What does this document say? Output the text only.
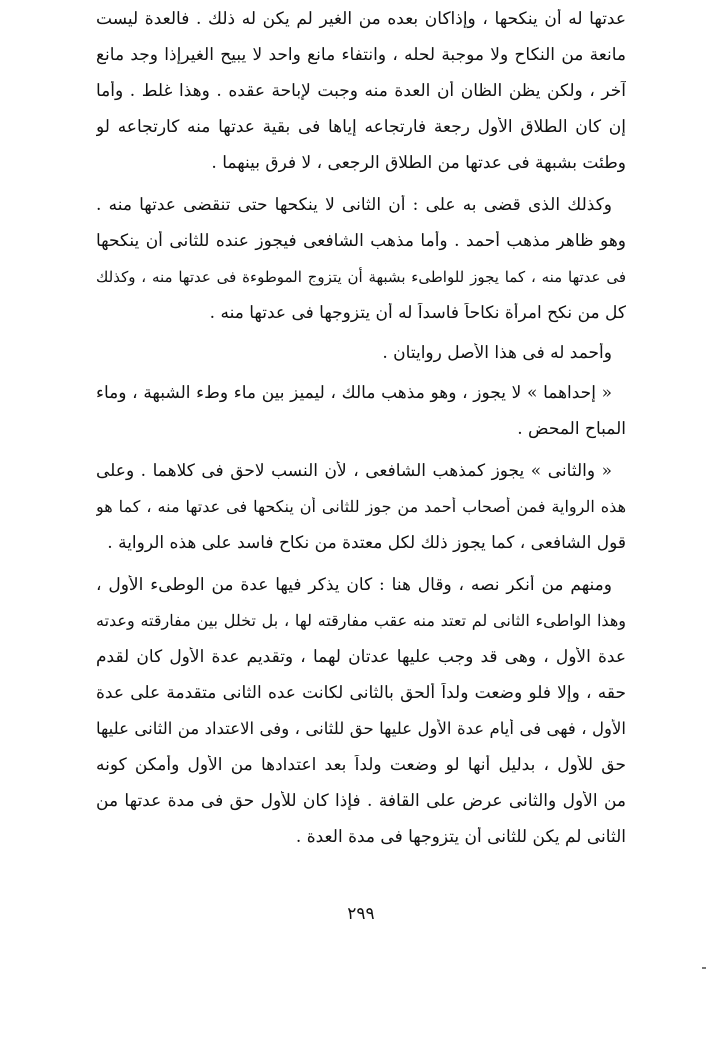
عدتها له أن ينكحها ، وإذاكان بعده من الغير لم يكن له ذلك . فالعدة ليست
مانعة من النكاح ولا موجبة لحله ، وانتفاء مانع واحد لا يبيح الغيرإذا وجد مانع
آخر ، ولكن يظن الظان أن العدة منه وجبت لإباحة عقده . وهذا غلط . وأما
إن كان الطلاق الأول رجعة فارتجاعه إياها فى بقية عدتها منه كارتجاعه لو
وطئت بشبهة فى عدتها من الطلاق الرجعى ، لا فرق بينهما .
وكذلك الذى قضى به على : أن الثانى لا ينكحها حتى تنقضى عدتها منه .
وهو ظاهر مذهب أحمد . وأما مذهب الشافعى فيجوز عنده للثانى أن ينكحها
فى عدتها منه ، كما يجوز للواطىء بشبهة أن يتزوج الموطوءة فى عدتها منه ، وكذلك
كل من نكح امرأة نكاحاً فاسداً له أن يتزوجها فى عدتها منه .
وأحمد له فى هذا الأصل روايتان .
« إحداهما » لا يجوز ، وهو مذهب مالك ، ليميز بين ماء وطء الشبهة ، وماء
المباح المحض .
« والثانى » يجوز كمذهب الشافعى ، لأن النسب لاحق فى كلاهما . وعلى
هذه الرواية فمن أصحاب أحمد من جوز للثانى أن ينكحها فى عدتها منه ، كما هو
قول الشافعى ، كما يجوز ذلك لكل معتدة من نكاح فاسد على هذه الرواية .
ومنهم من أنكر نصه ، وقال هنا : كان يذكر فيها عدة من الوطىء الأول ،
وهذا الواطىء الثانى لم تعتد منه عقب مفارقته لها ، بل تخلل بين مفارقته وعدته
عدة الأول ، وهى قد وجب عليها عدتان لهما ، وتقديم عدة الأول كان لقدم
حقه ، وإلا فلو وضعت ولداً ألحق بالثانى لكانت عده الثانى متقدمة على عدة
الأول ، فهى فى أيام عدة الأول عليها حق للثانى ، وفى الاعتداد من الثانى عليها
حق للأول ، بدليل أنها لو وضعت ولداً بعد اعتدادها من الأول وأمكن كونه
من الأول والثانى عرض على القافة . فإذا كان للأول حق فى مدة عدتها من
الثانى لم يكن للثانى أن يتزوجها فى مدة العدة .
٢٩٩
